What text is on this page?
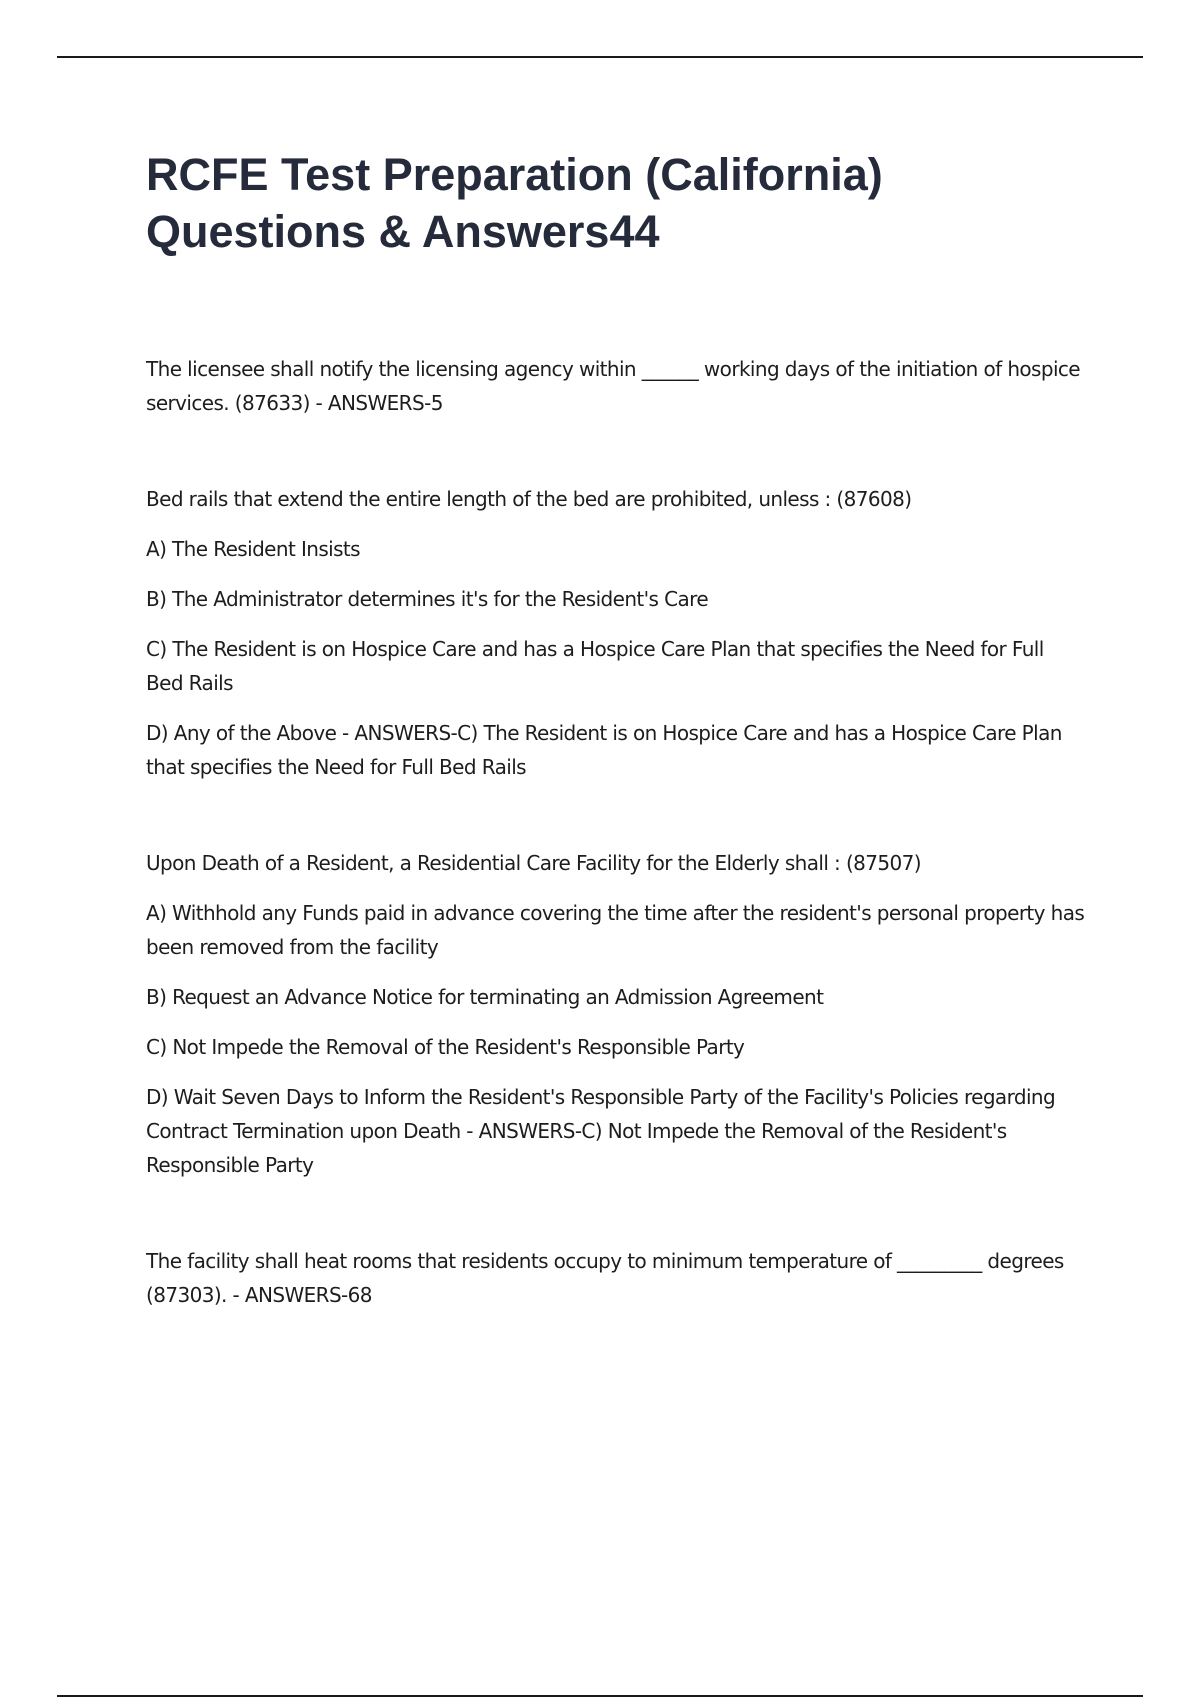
RCFE Test Preparation (California) Questions & Answers44

The licensee shall notify the licensing agency within ______ working days of the initiation of hospice services. (87633) - ANSWERS-5

Bed rails that extend the entire length of the bed are prohibited, unless : (87608)

A) The Resident Insists

B) The Administrator determines it's for the Resident's Care

C) The Resident is on Hospice Care and has a Hospice Care Plan that specifies the Need for Full Bed Rails

D) Any of the Above - ANSWERS-C) The Resident is on Hospice Care and has a Hospice Care Plan that specifies the Need for Full Bed Rails

Upon Death of a Resident, a Residential Care Facility for the Elderly shall : (87507)

A) Withhold any Funds paid in advance covering the time after the resident's personal property has been removed from the facility

B) Request an Advance Notice for terminating an Admission Agreement

C) Not Impede the Removal of the Resident's Responsible Party

D) Wait Seven Days to Inform the Resident's Responsible Party of the Facility's Policies regarding Contract Termination upon Death - ANSWERS-C) Not Impede the Removal of the Resident's Responsible Party

The facility shall heat rooms that residents occupy to minimum temperature of _________ degrees (87303). - ANSWERS-68
